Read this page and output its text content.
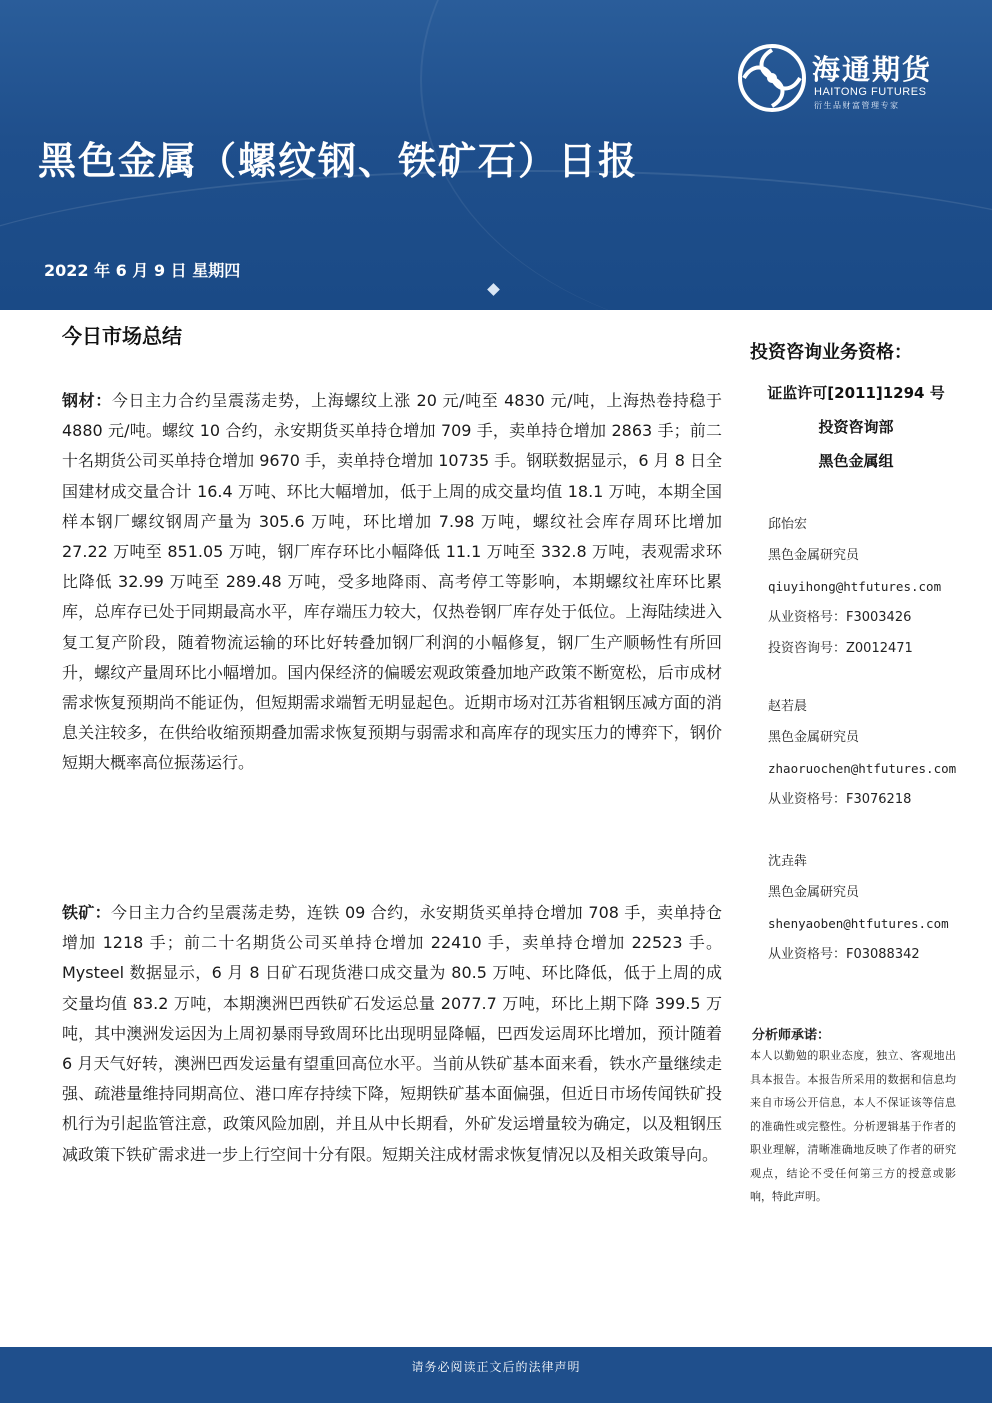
海通期货
HAITONG FUTURES
衍生品财富管理专家
黑色金属（螺纹钢、铁矿石）日报
2022 年 6 月 9 日 星期四
今日市场总结

钢材：今日主力合约呈震荡走势，上海螺纹上涨 20 元/吨至 4830 元/吨，上海热卷持稳于 4880 元/吨。螺纹 10 合约，永安期货买单持仓增加 709 手，卖单持仓增加 2863 手；前二十名期货公司买单持仓增加 9670 手，卖单持仓增加 10735 手。钢联数据显示，6 月 8 日全国建材成交量合计 16.4 万吨、环比大幅增加，低于上周的成交量均值 18.1 万吨，本期全国样本钢厂螺纹钢周产量为 305.6 万吨，环比增加 7.98 万吨，螺纹社会库存周环比增加 27.22 万吨至 851.05 万吨，钢厂库存环比小幅降低 11.1 万吨至 332.8 万吨，表观需求环比降低 32.99 万吨至 289.48 万吨，受多地降雨、高考停工等影响，本期螺纹社库环比累库，总库存已处于同期最高水平，库存端压力较大，仅热卷钢厂库存处于低位。上海陆续进入复工复产阶段，随着物流运输的环比好转叠加钢厂利润的小幅修复，钢厂生产顺畅性有所回升，螺纹产量周环比小幅增加。国内保经济的偏暖宏观政策叠加地产政策不断宽松，后市成材需求恢复预期尚不能证伪，但短期需求端暂无明显起色。近期市场对江苏省粗钢压减方面的消息关注较多，在供给收缩预期叠加需求恢复预期与弱需求和高库存的现实压力的博弈下，钢价短期大概率高位振荡运行。

铁矿：今日主力合约呈震荡走势，连铁 09 合约，永安期货买单持仓增加 708 手，卖单持仓增加 1218 手；前二十名期货公司买单持仓增加 22410 手，卖单持仓增加 22523 手。Mysteel 数据显示，6 月 8 日矿石现货港口成交量为 80.5 万吨、环比降低，低于上周的成交量均值 83.2 万吨，本期澳洲巴西铁矿石发运总量 2077.7 万吨，环比上期下降 399.5 万吨，其中澳洲发运因为上周初暴雨导致周环比出现明显降幅，巴西发运周环比增加，预计随着 6 月天气好转，澳洲巴西发运量有望重回高位水平。当前从铁矿基本面来看，铁水产量继续走强、疏港量维持同期高位、港口库存持续下降，短期铁矿基本面偏强，但近日市场传闻铁矿投机行为引起监管注意，政策风险加剧，并且从中长期看，外矿发运增量较为确定，以及粗钢压减政策下铁矿需求进一步上行空间十分有限。短期关注成材需求恢复情况以及相关政策导向。

投资咨询业务资格：
证监许可[2011]1294 号
投资咨询部
黑色金属组
邱怡宏
黑色金属研究员
qiuyihong@htfutures.com
从业资格号：F3003426
投资咨询号：Z0012471
赵若晨
黑色金属研究员
zhaoruochen@htfutures.com
从业资格号：F3076218
沈垚犇
黑色金属研究员
shenyaoben@htfutures.com
从业资格号：F03088342
分析师承诺：
本人以勤勉的职业态度，独立、客观地出具本报告。本报告所采用的数据和信息均来自市场公开信息，本人不保证该等信息的准确性或完整性。分析逻辑基于作者的职业理解，清晰准确地反映了作者的研究观点，结论不受任何第三方的授意或影响，特此声明。
请务必阅读正文后的法律声明
